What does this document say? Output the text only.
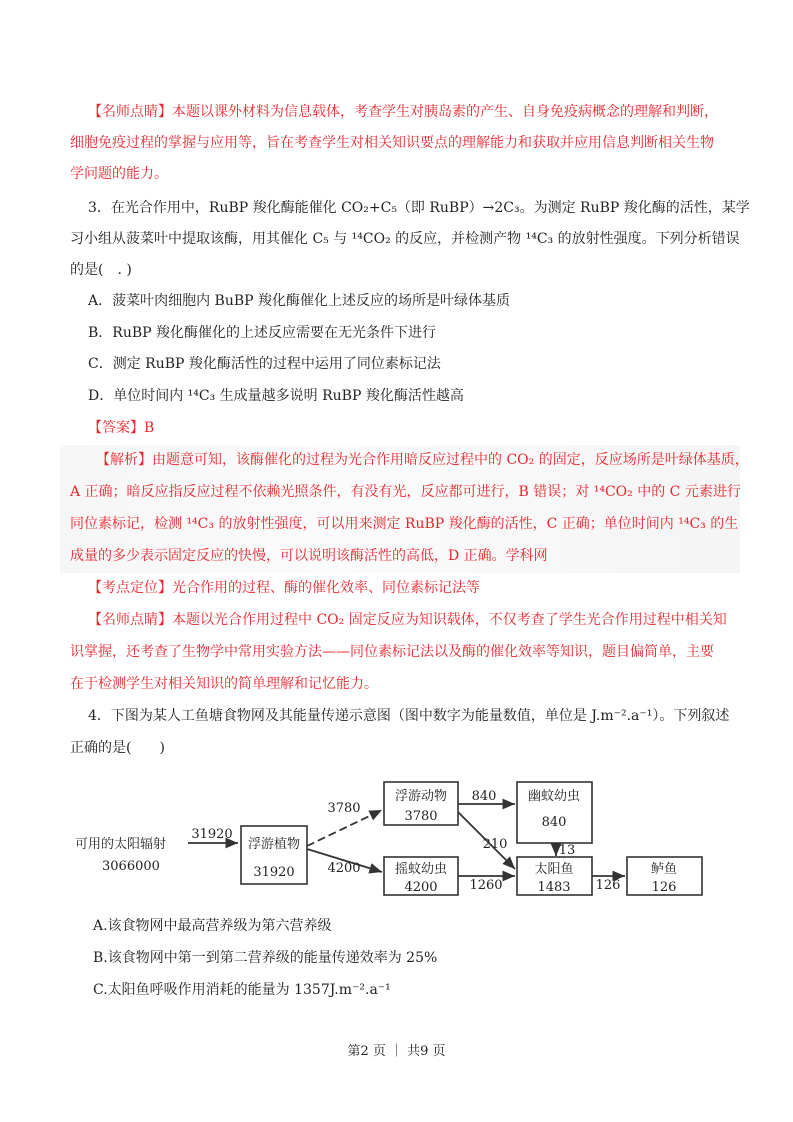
【名师点睛】本题以课外材料为信息载体，考查学生对胰岛素的产生、自身免疫病概念的理解和判断，
细胞免疫过程的掌握与应用等，旨在考查学生对相关知识要点的理解能力和获取并应用信息判断相关生物
学问题的能力。
3．在光合作用中，RuBP 羧化酶能催化 CO₂+C₅（即 RuBP）→2C₃。为测定 RuBP 羧化酶的活性，某学
习小组从菠菜叶中提取该酶，用其催化 C₅ 与 ¹⁴CO₂ 的反应，并检测产物 ¹⁴C₃ 的放射性强度。下列分析错误
的是(　. )
A．菠菜叶肉细胞内 BuBP 羧化酶催化上述反应的场所是叶绿体基质
B．RuBP 羧化酶催化的上述反应需要在无光条件下进行
C．测定 RuBP 羧化酶活性的过程中运用了同位素标记法
D．单位时间内 ¹⁴C₃ 生成量越多说明 RuBP 羧化酶活性越高
【答案】B
【解析】由题意可知，该酶催化的过程为光合作用暗反应过程中的 CO₂ 的固定，反应场所是叶绿体基质，
A 正确；暗反应指反应过程不依赖光照条件，有没有光，反应都可进行，B 错误；对 ¹⁴CO₂ 中的 C 元素进行
同位素标记，检测 ¹⁴C₃ 的放射性强度，可以用来测定 RuBP 羧化酶的活性，C 正确；单位时间内 ¹⁴C₃ 的生
成量的多少表示固定反应的快慢，可以说明该酶活性的高低，D 正确。学科网
【考点定位】光合作用的过程、酶的催化效率、同位素标记法等
【名师点睛】本题以光合作用过程中 CO₂ 固定反应为知识载体，不仅考查了学生光合作用过程中相关知
识掌握，还考查了生物学中常用实验方法——同位素标记法以及酶的催化效率等知识，题目偏简单，主要
在于检测学生对相关知识的简单理解和记忆能力。
4．下图为某人工鱼塘食物网及其能量传递示意图（图中数字为能量数值，单位是 J.m⁻².a⁻¹）。下列叙述
正确的是(　　)
可用的太阳辐射
3066000
浮游植物
31920
浮游动物
3780
摇蚊幼虫
4200
幽蚊幼虫
840
太阳鱼
1483
鲈鱼
126
31920
3780
4200
840
210	13
1260	126
A.该食物网中最高营养级为第六营养级
B.该食物网中第一到第二营养级的能量传递效率为 25%
C.太阳鱼呼吸作用消耗的能量为 1357J.m⁻².a⁻¹
第2 页 ｜ 共9 页
